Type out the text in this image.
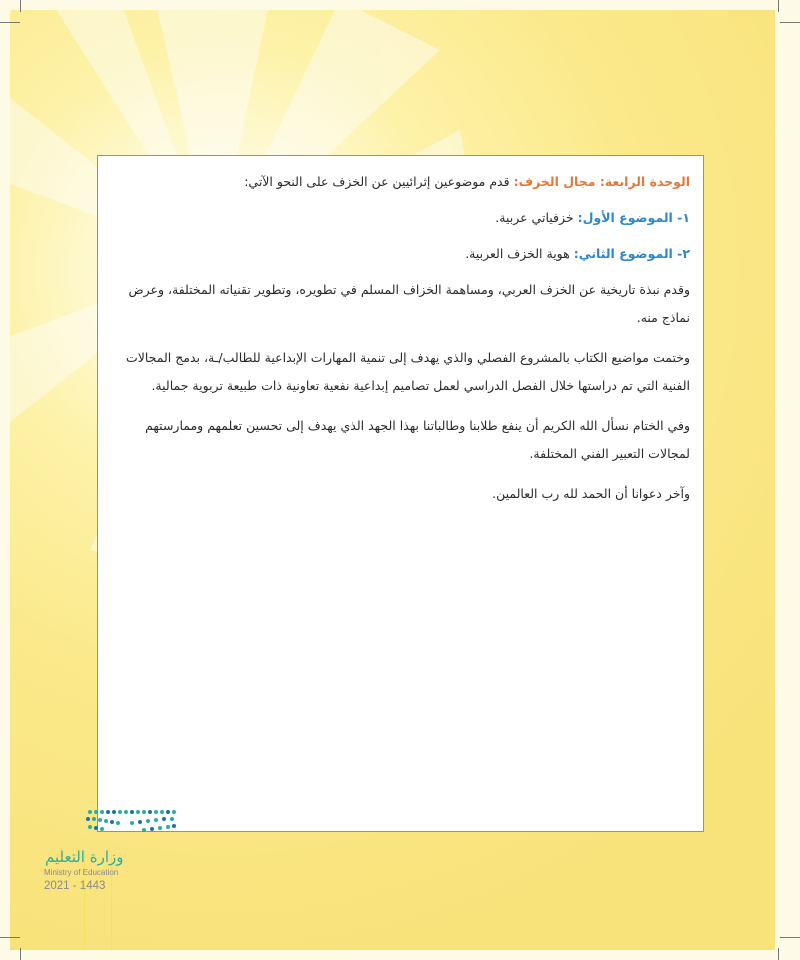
الوحدة الرابعة: مجال الخزف: قدم موضوعين إثرائيين عن الخزف على النحو الآتي:

١- الموضوع الأول: خزفياتي عربية.

٢- الموضوع الثاني: هوية الخزف العربية.

وقدم نبذة تاريخية عن الخزف العربي، ومساهمة الخزاف المسلم في تطويره، وتطوير تقنياته المختلفة، وعرض نماذج منه.

وختمت مواضيع الكتاب بالمشروع الفصلي والذي يهدف إلى تنمية المهارات الإبداعية للطالب/ـة، بدمج المجالات الفنية التي تم دراستها خلال الفصل الدراسي لعمل تصاميم إبداعية نفعية تعاونية ذات طبيعة تربوية جمالية.

وفي الختام نسأل الله الكريم أن ينفع طلابنا وطالباتنا بهذا الجهد الذي يهدف إلى تحسين تعلمهم وممارستهم لمجالات التعبير الفني المختلفة.

وآخر دعوانا أن الحمد لله رب العالمين.

وزارة التعليم
Ministry of Education
2021 - 1443
